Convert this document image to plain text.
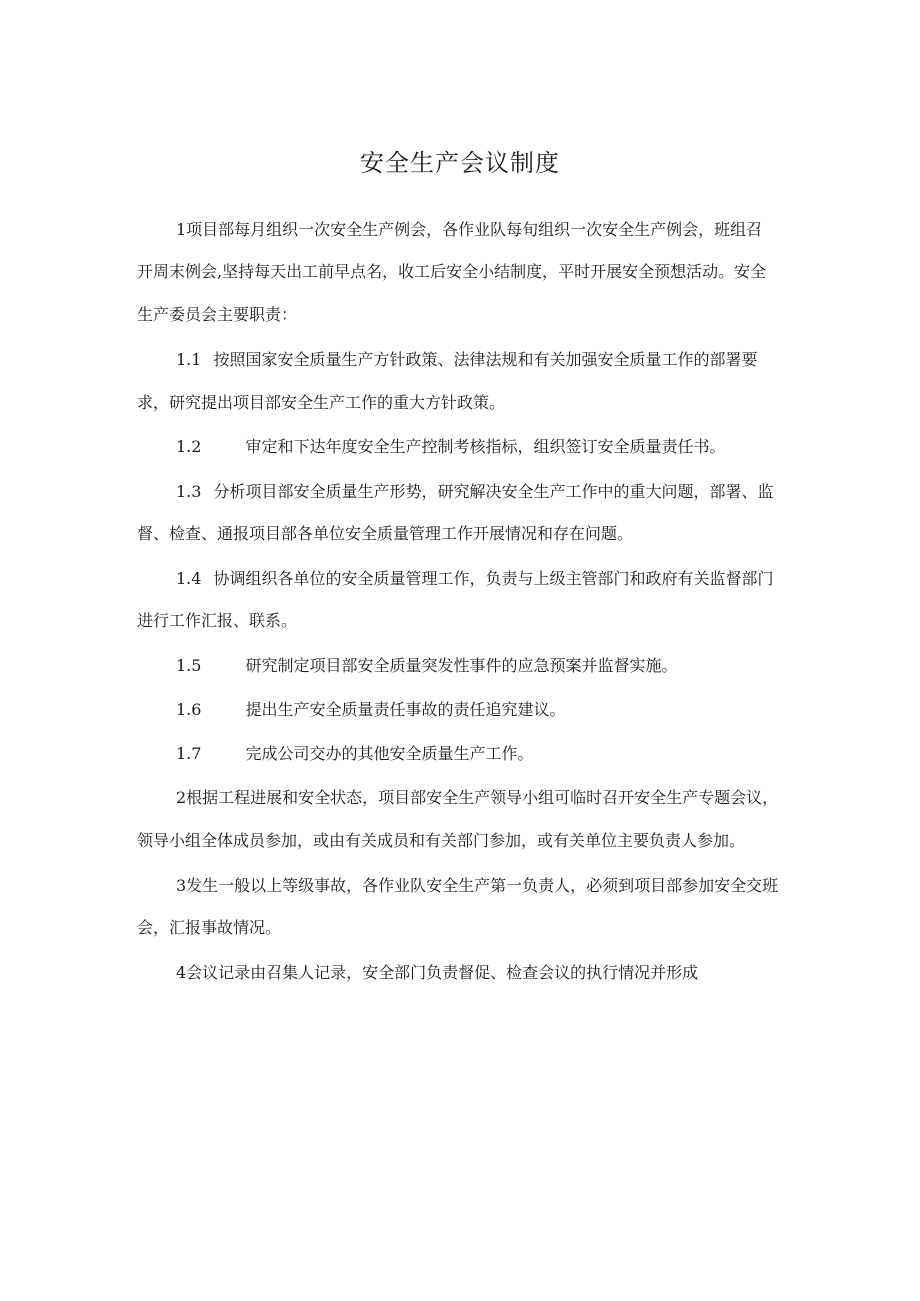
安全生产会议制度
1项目部每月组织一次安全生产例会，各作业队每旬组织一次安全生产例会，班组召
开周末例会,坚持每天出工前早点名，收工后安全小结制度，平时开展安全预想活动。安全
生产委员会主要职责：
1.1 按照国家安全质量生产方针政策、法律法规和有关加强安全质量工作的部署要
求，研究提出项目部安全生产工作的重大方针政策。
1.2	审定和下达年度安全生产控制考核指标，组织签订安全质量责任书。
1.3 分析项目部安全质量生产形势，研究解决安全生产工作中的重大问题，部署、监
督、检查、通报项目部各单位安全质量管理工作开展情况和存在问题。
1.4 协调组织各单位的安全质量管理工作，负责与上级主管部门和政府有关监督部门
进行工作汇报、联系。
1.5	研究制定项目部安全质量突发性事件的应急预案并监督实施。
1.6	提出生产安全质量责任事故的责任追究建议。
1.7	完成公司交办的其他安全质量生产工作。
2根据工程进展和安全状态，项目部安全生产领导小组可临时召开安全生产专题会议，
领导小组全体成员参加，或由有关成员和有关部门参加，或有关单位主要负责人参加。
3发生一般以上等级事故，各作业队安全生产第一负责人，必须到项目部参加安全交班
会，汇报事故情况。
4会议记录由召集人记录，安全部门负责督促、检查会议的执行情况并形成
